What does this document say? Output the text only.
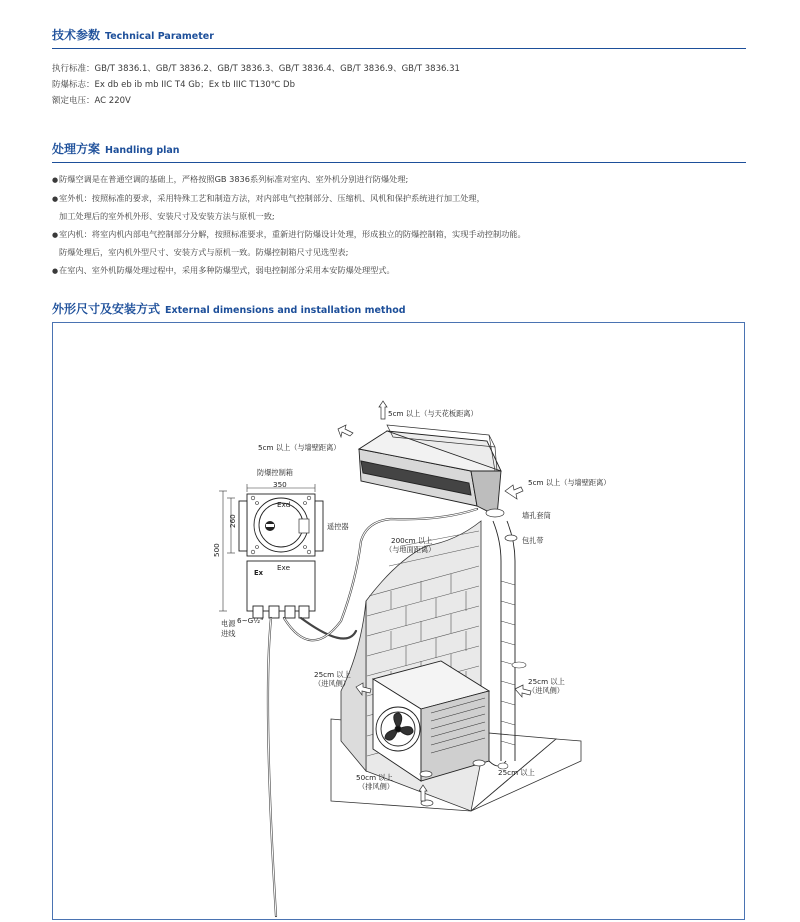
技术参数 Technical Parameter
执行标准：GB/T 3836.1、GB/T 3836.2、GB/T 3836.3、GB/T 3836.4、GB/T 3836.9、GB/T 3836.31
防爆标志：Ex db eb ib mb IIC T4 Gb；Ex tb IIIC T130℃ Db
额定电压：AC 220V
处理方案 Handling plan
●防爆空调是在普通空调的基础上，严格按照GB 3836系列标准对室内、室外机分别进行防爆处理;
●室外机：按照标准的要求，采用特殊工艺和制造方法，对内部电气控制部分、压缩机、风机和保护系统进行加工处理，
加工处理后的室外机外形、安装尺寸及安装方法与原机一致;
●室内机：将室内机内部电气控制部分分解，按照标准要求，重新进行防爆设计处理，形成独立的防爆控制箱，实现手动控制功能。
防爆处理后，室内机外型尺寸、安装方式与原机一致。防爆控制箱尺寸见选型表;
●在室内、室外机防爆处理过程中，采用多种防爆型式，弱电控制部分采用本安防爆处理型式。
外形尺寸及安装方式 External dimensions and installation method
Ex
5cm 以上（与天花板距离）
5cm 以上（与墙壁距离）
5cm 以上（与墙壁距离）
防爆控制箱
350
260
500
Exd
Exe
遥控器
墙孔套筒
包扎带
200cm 以上
（与地面距离）
电源
进线
6~G½"
25cm 以上
（进风侧）	25cm 以上
（进风侧）
50cm 以上
（排风侧）
25cm 以上
